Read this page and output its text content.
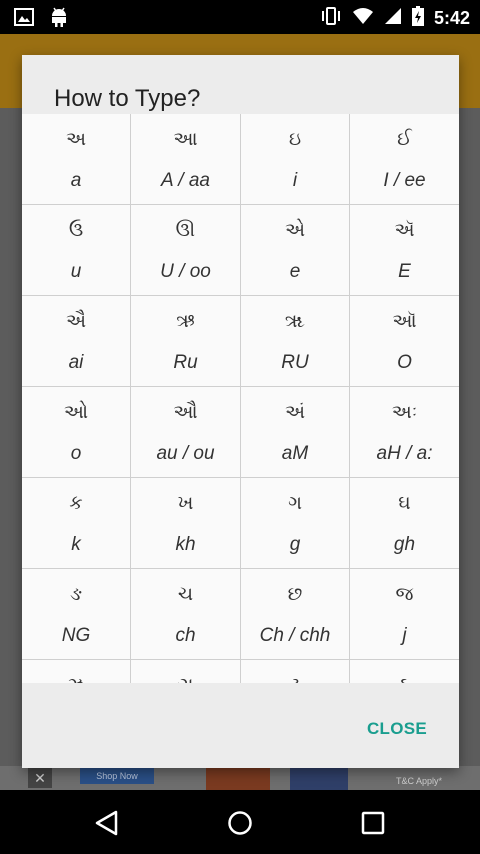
5:42
✕	Shop Now	T&C Apply*
How to Type?
અ
a
આ
A / aa
ઇ
i
ઈ
I / ee
ઉ
u
ઊ
U / oo
એ
e
ઍ
E
ઐ
ai
ઋ
Ru
ૠ
RU
ઑ
O
ઓ
o
ઔ
au / ou
અં
aM
અઃ
aH / a:
ક
k
ખ
kh
ગ
g
ઘ
gh
ઙ
NG
ચ
ch
છ
Ch / chh
જ
j
CLOSE
